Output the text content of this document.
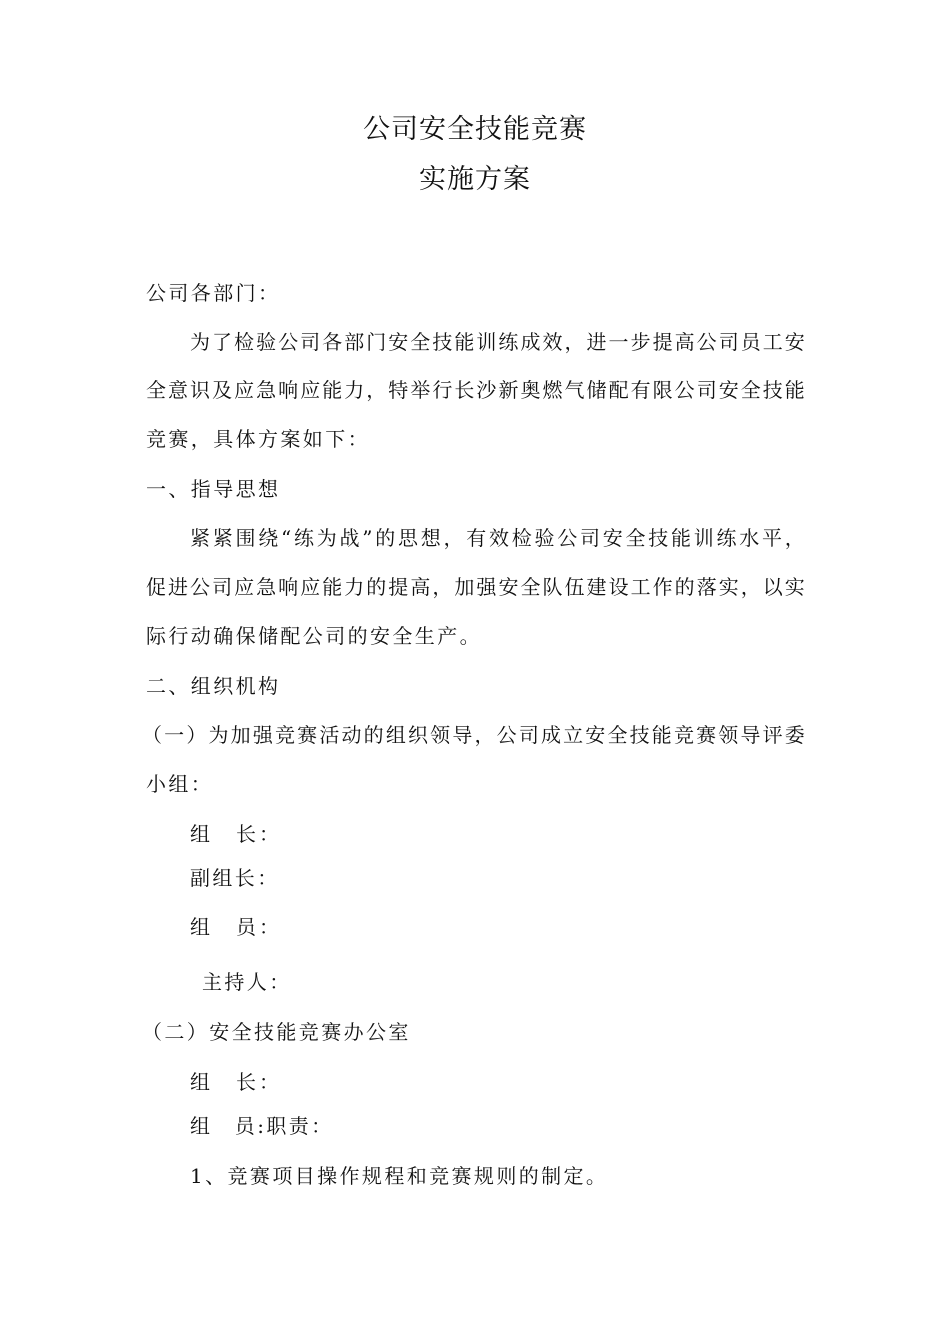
公司安全技能竞赛
实施方案
公司各部门：
为了检验公司各部门安全技能训练成效，进一步提高公司员工安
全意识及应急响应能力，特举行长沙新奥燃气储配有限公司安全技能
竞赛，具体方案如下：
一、指导思想
紧紧围绕“练为战”的思想，有效检验公司安全技能训练水平，
促进公司应急响应能力的提高，加强安全队伍建设工作的落实，以实
际行动确保储配公司的安全生产。
二、组织机构
（一）为加强竞赛活动的组织领导，公司成立安全技能竞赛领导评委
小组：
组　长：
副组长：
组　员：
主持人：
（二）安全技能竞赛办公室
组　长：
组　员:职责：
1、竞赛项目操作规程和竞赛规则的制定。
